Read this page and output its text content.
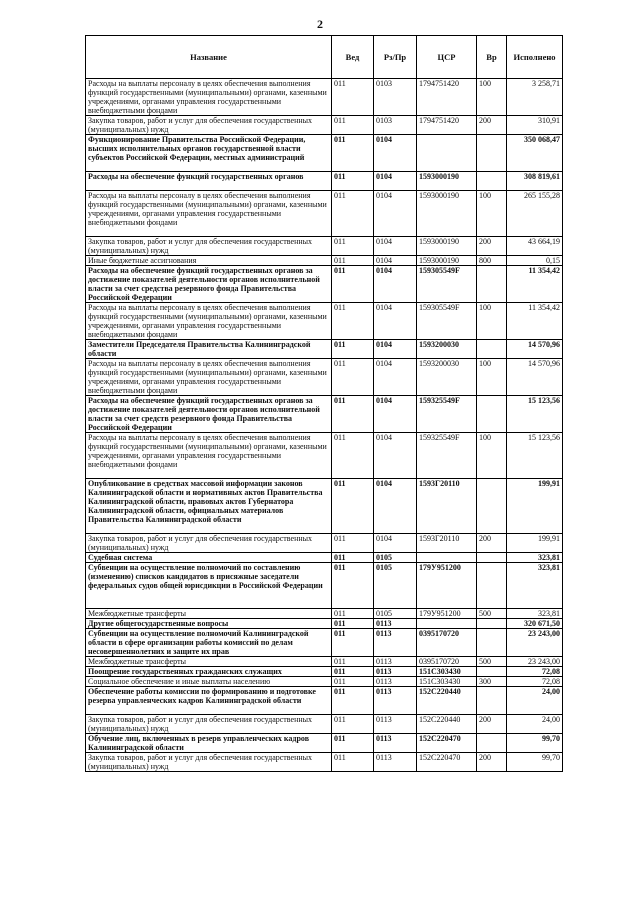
2
Название	Вед	Рз/Пр	ЦСР	Вр	Исполнено
Расходы на выплаты персоналу в целях обеспечения выполнения функций государственными (муниципальными) органами, казенными учреждениями, органами управления государственными внебюджетными фондами	011	0103	1794751420	100	3 258,71
Закупка товаров, работ и услуг для обеспечения государственных (муниципальных) нужд	011	0103	1794751420	200	310,91
Функционирование Правительства Российской Федерации, высших исполнительных органов государственной власти субъектов Российской Федерации, местных администраций	011	0104			350 068,47
Расходы на обеспечение функций государственных органов	011	0104	1593000190		308 819,61
Расходы на выплаты персоналу в целях обеспечения выполнения функций государственными (муниципальными) органами, казенными учреждениями, органами управления государственными внебюджетными фондами	011	0104	1593000190	100	265 155,28
Закупка товаров, работ и услуг для обеспечения государственных (муниципальных) нужд	011	0104	1593000190	200	43 664,19
Иные бюджетные ассигнования	011	0104	1593000190	800	0,15
Расходы на обеспечение функций государственных органов за достижение показателей деятельности органов исполнительной власти за счет средства резервного фонда Правительства Российской Федерации	011	0104	159305549F		11 354,42
Расходы на выплаты персоналу в целях обеспечения выполнения функций государственными (муниципальными) органами, казенными учреждениями, органами управления государственными внебюджетными фондами	011	0104	159305549F	100	11 354,42
Заместители Председателя Правительства Калининградской области	011	0104	1593200030		14 570,96
Расходы на выплаты персоналу в целях обеспечения выполнения функций государственными (муниципальными) органами, казенными учреждениями, органами управления государственными внебюджетными фондами	011	0104	1593200030	100	14 570,96
Расходы на обеспечение функций государственных органов за достижение показателей деятельности органов исполнительной власти за счет средств резервного фонда Правительства Российской Федерации	011	0104	159325549F		15 123,56
Расходы на выплаты персоналу в целях обеспечения выполнения функций государственными (муниципальными) органами, казенными учреждениями, органами управления государственными внебюджетными фондами	011	0104	159325549F	100	15 123,56
Опубликование в средствах массовой информации законов Калининградской области и нормативных актов Правительства Калининградской области, правовых актов Губернатора Калининградской области, официальных материалов Правительства Калининградской области	011	0104	1593Г20110		199,91
Закупка товаров, работ и услуг для обеспечения государственных (муниципальных) нужд	011	0104	1593Г20110	200	199,91
Судебная система	011	0105			323,81
Субвенции на осуществление полномочий по составлению (изменению) списков кандидатов в присяжные заседатели федеральных судов общей юрисдикции в Российской Федерации	011	0105	179У951200		323,81
Межбюджетные трансферты	011	0105	179У951200	500	323,81
Другие общегосударственные вопросы	011	0113			320 671,50
Субвенции на осуществление полномочий Калининградской области в сфере организации работы комиссий по делам несовершеннолетних и защите их прав	011	0113	0395170720		23 243,00
Межбюджетные трансферты	011	0113	0395170720	500	23 243,00
Поощрение государственных гражданских служащих	011	0113	151C303430		72,08
Социальное обеспечение и иные выплаты населению	011	0113	151C303430	300	72,08
Обеспечение работы комиссии по формированию и подготовке резерва управленческих кадров Калининградской области	011	0113	152C220440		24,00
Закупка товаров, работ и услуг для обеспечения государственных (муниципальных) нужд	011	0113	152C220440	200	24,00
Обучение лиц, включенных в резерв управленческих кадров Калининградской области	011	0113	152C220470		99,70
Закупка товаров, работ и услуг для обеспечения государственных (муниципальных) нужд	011	0113	152C220470	200	99,70
